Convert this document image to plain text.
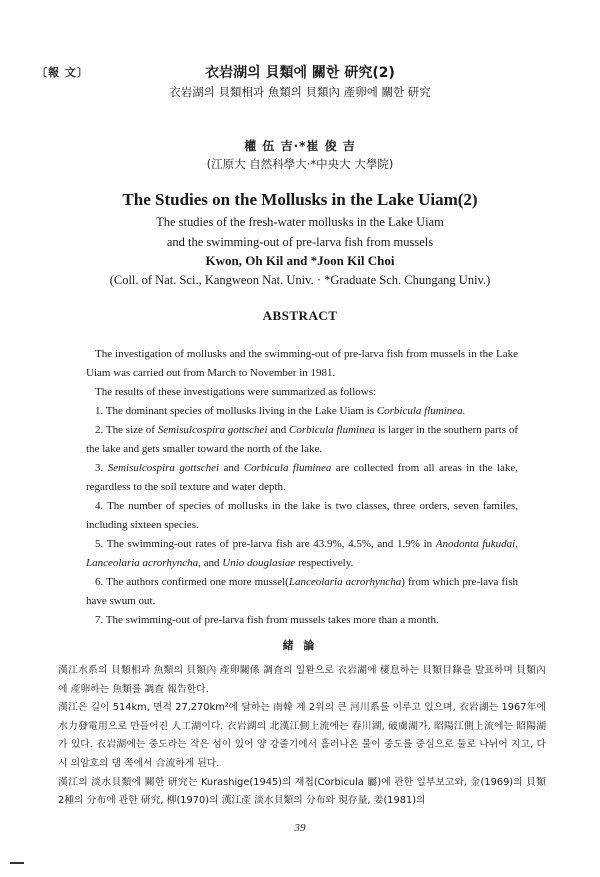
〔報 文〕	衣岩湖의 貝類에 關한 研究(2)
衣岩湖의 貝類相과 魚類의 貝類內 產卵에 關한 研究
權 伍 吉·*崔 俊 吉
(江原大 自然科學大·*中央大 大學院)
The Studies on the Mollusks in the Lake Uiam(2)
The studies of the fresh-water mollusks in the Lake Uiam
and the swimming-out of pre-larva fish from mussels
Kwon, Oh Kil and *Joon Kil Choi
(Coll. of Nat. Sci., Kangweon Nat. Univ. · *Graduate Sch. Chungang Univ.)
ABSTRACT

The investigation of mollusks and the swimming-out of pre-larva fish from mussels in the Lake Uiam was carried out from March to November in 1981.

The results of these investigations were summarized as follows:

1. The dominant species of mollusks living in the Lake Uiam is Corbicula fluminea.

2. The size of Semisulcospira gottschei and Corbicula fluminea is larger in the southern parts of the lake and gets smaller toward the north of the lake.

3. Semisulcospira gottschei and Corbicula fluminea are collected from all areas in the lake, regardless to the soil texture and water depth.

4. The number of species of mollusks in the lake is two classes, three orders, seven familes, including sixteen species.

5. The swimming-out rates of pre-larva fish are 43.9%, 4.5%, and 1.9% in Anodonta fukudai, Lanceolaria acrorhyncha, and Unio douglasiae respectively.

6. The authors confirmed one more mussel(Lanceolaria acrorhyncha) from which pre-lava fish have swum out.

7. The swimming-out of pre-larva fish from mussels takes more than a month.

緒 論

漢江水系의 貝類相과 魚類의 貝類內 產卵關係 調査의 일환으로 衣岩湖에 棲息하는 貝類目錄을 발표하며 貝類內에 產卵하는 魚類를 調査 報告한다.

漢江은 길이 514km, 면적 27,270km²에 달하는 南韓 제 2위의 큰 河川系를 이루고 있으며, 衣岩湖는 1967年에 水力發電用으로 만들어진 人工湖이다. 衣岩湖의 北漢江側上流에는 春川湖, 破虜湖가, 昭陽江側上流에는 昭陽湖가 있다. 衣岩湖에는 중도라는 작은 섬이 있어 양 강줄기에서 흘러나온 물이 중도를 중심으로 둘로 나뉘어 지고, 다시 의암호의 댐 쪽에서 合流하게 된다.

漢江의 淡水貝類에 關한 研究는 Kurashige(1945)의 재첩(Corbicula 屬)에 관한 일부보고와, 金(1969)의 貝類 2種의 分布에 관한 研究, 柳(1970)의 漢江產 淡水貝類의 分布와 現存量, 姜(1981)의

39
